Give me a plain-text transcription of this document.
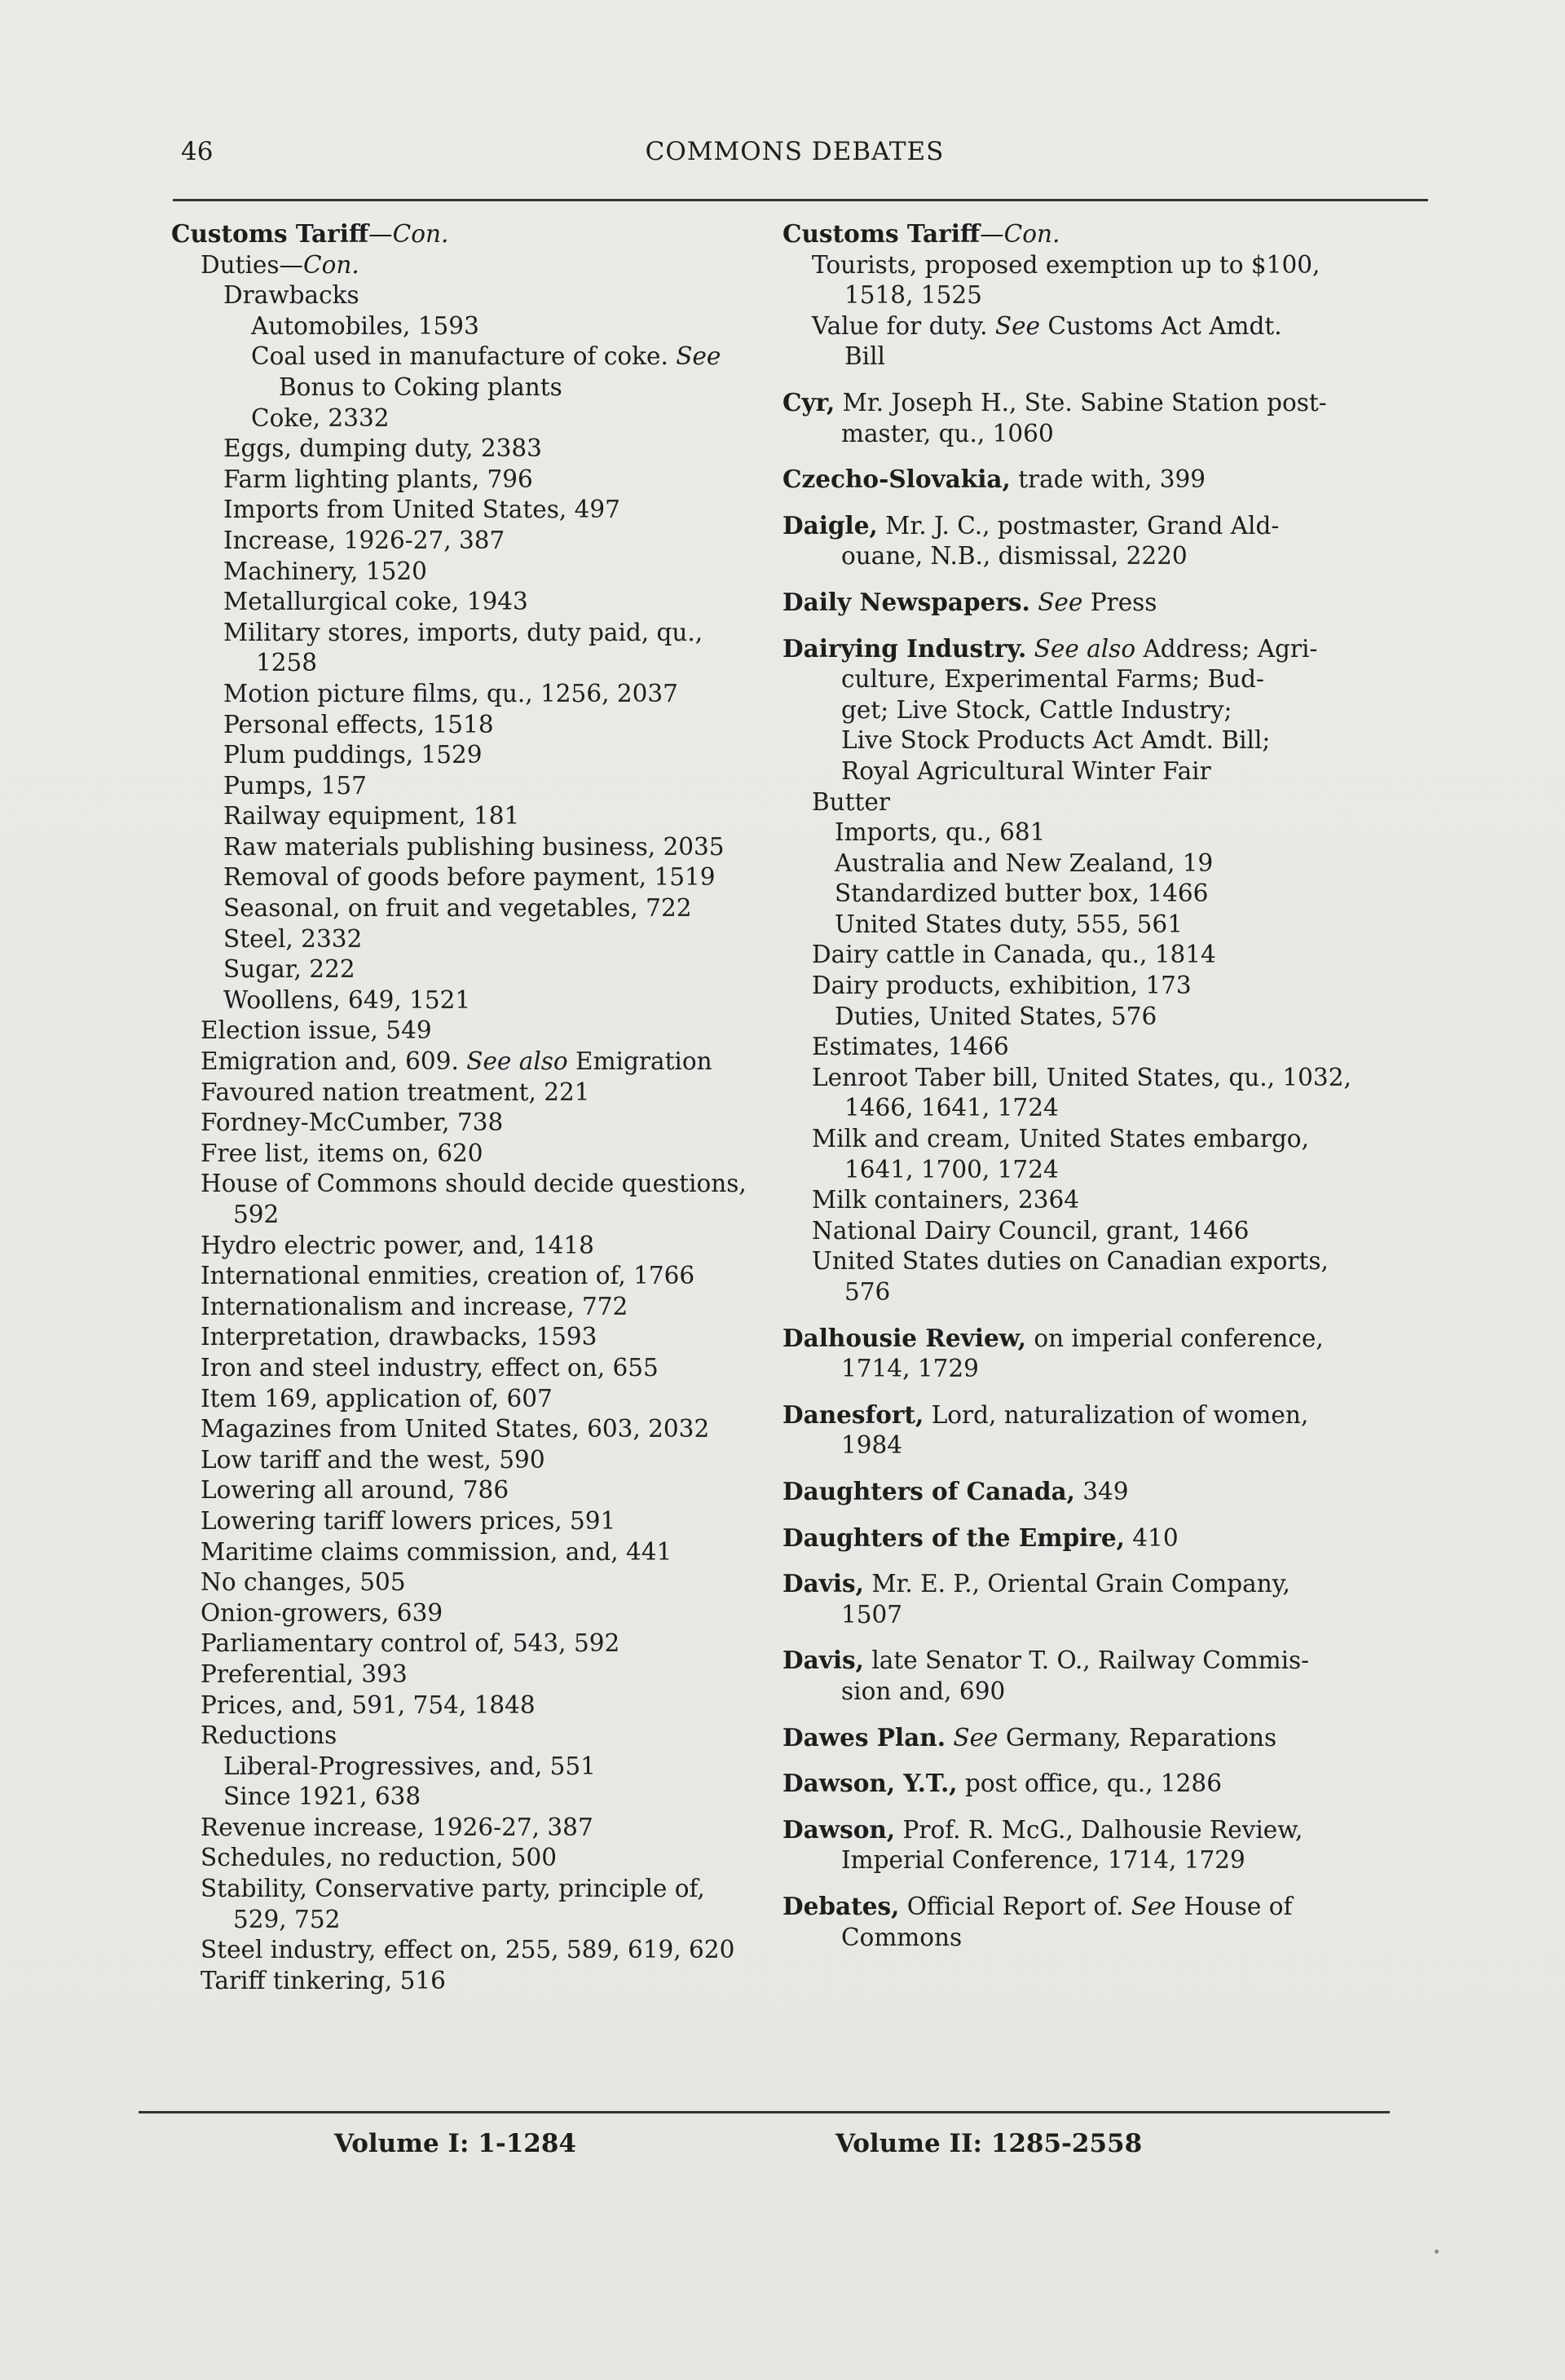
46	COMMONS DEBATES
Customs Tariff—Con.
Duties—Con.
Drawbacks
Automobiles, 1593
Coal used in manufacture of coke. See
Bonus to Coking plants
Coke, 2332
Eggs, dumping duty, 2383
Farm lighting plants, 796
Imports from United States, 497
Increase, 1926-27, 387
Machinery, 1520
Metallurgical coke, 1943
Military stores, imports, duty paid, qu.,
1258
Motion picture films, qu., 1256, 2037
Personal effects, 1518
Plum puddings, 1529
Pumps, 157
Railway equipment, 181
Raw materials publishing business, 2035
Removal of goods before payment, 1519
Seasonal, on fruit and vegetables, 722
Steel, 2332
Sugar, 222
Woollens, 649, 1521
Election issue, 549
Emigration and, 609. See also Emigration
Favoured nation treatment, 221
Fordney-McCumber, 738
Free list, items on, 620
House of Commons should decide questions,
592
Hydro electric power, and, 1418
International enmities, creation of, 1766
Internationalism and increase, 772
Interpretation, drawbacks, 1593
Iron and steel industry, effect on, 655
Item 169, application of, 607
Magazines from United States, 603, 2032
Low tariff and the west, 590
Lowering all around, 786
Lowering tariff lowers prices, 591
Maritime claims commission, and, 441
No changes, 505
Onion-growers, 639
Parliamentary control of, 543, 592
Preferential, 393
Prices, and, 591, 754, 1848
Reductions
Liberal-Progressives, and, 551
Since 1921, 638
Revenue increase, 1926-27, 387
Schedules, no reduction, 500
Stability, Conservative party, principle of,
529, 752
Steel industry, effect on, 255, 589, 619, 620
Tariff tinkering, 516
Customs Tariff—Con.
Tourists, proposed exemption up to $100,
1518, 1525
Value for duty. See Customs Act Amdt.
Bill
Cyr, Mr. Joseph H., Ste. Sabine Station post-
master, qu., 1060
Czecho-Slovakia, trade with, 399
Daigle, Mr. J. C., postmaster, Grand Ald-
ouane, N.B., dismissal, 2220
Daily Newspapers. See Press
Dairying Industry. See also Address; Agri-
culture, Experimental Farms; Bud-
get; Live Stock, Cattle Industry;
Live Stock Products Act Amdt. Bill;
Royal Agricultural Winter Fair
Butter
Imports, qu., 681
Australia and New Zealand, 19
Standardized butter box, 1466
United States duty, 555, 561
Dairy cattle in Canada, qu., 1814
Dairy products, exhibition, 173
Duties, United States, 576
Estimates, 1466
Lenroot Taber bill, United States, qu., 1032,
1466, 1641, 1724
Milk and cream, United States embargo,
1641, 1700, 1724
Milk containers, 2364
National Dairy Council, grant, 1466
United States duties on Canadian exports,
576
Dalhousie Review, on imperial conference,
1714, 1729
Danesfort, Lord, naturalization of women,
1984
Daughters of Canada, 349
Daughters of the Empire, 410
Davis, Mr. E. P., Oriental Grain Company,
1507
Davis, late Senator T. O., Railway Commis-
sion and, 690
Dawes Plan. See Germany, Reparations
Dawson, Y.T., post office, qu., 1286
Dawson, Prof. R. McG., Dalhousie Review,
Imperial Conference, 1714, 1729
Debates, Official Report of. See House of
Commons
Volume I: 1-1284	Volume II: 1285-2558
